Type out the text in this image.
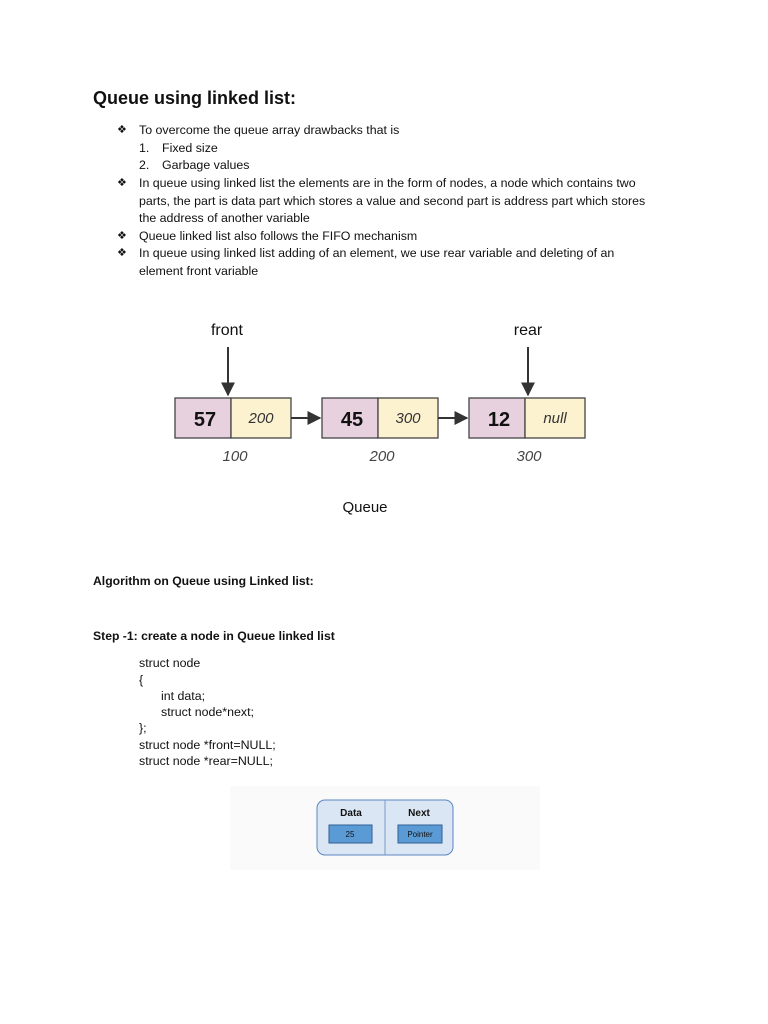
Queue using linked list:
❖ To overcome the queue array drawbacks that is
1. Fixed size
2. Garbage values
❖ In queue using linked list the elements are in the form of nodes, a node which contains two
parts, the part is data part which stores a value and second part is address part which stores
the address of another variable
❖ Queue linked list also follows the FIFO mechanism
❖ In queue using linked list adding of an element, we use rear variable and deleting of an
element front variable
front	rear
57 200
100
45 300
200
12 null
300
Queue

Algorithm on Queue using Linked list:

Step -1: create a node in Queue linked list

struct node
{
int data;
struct node*next;
};
struct node *front=NULL;
struct node *rear=NULL;
Data	Next
25	Pointer
